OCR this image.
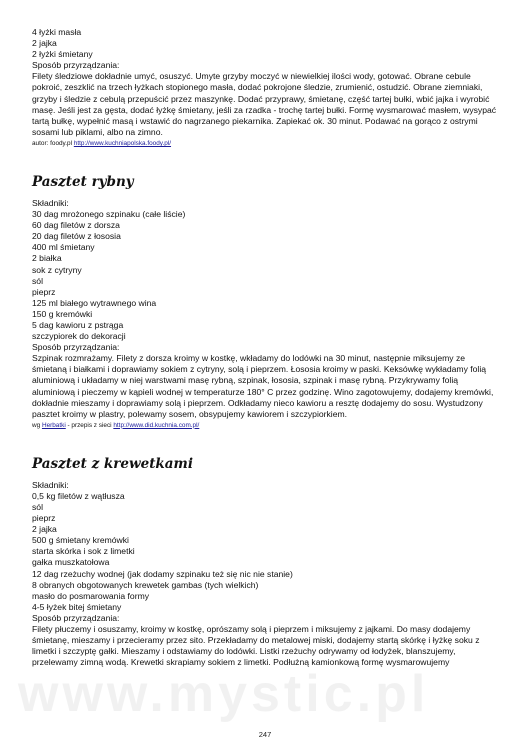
www.mystic.pl
4 łyżki masła
2 jajka
2 łyżki śmietany
Sposób przyrządzania:
Filety śledziowe dokładnie umyć, osuszyć. Umyte grzyby moczyć w niewielkiej ilości wody, gotować. Obrane cebule pokroić, zeszklić na trzech łyżkach stopionego masła, dodać pokrojone śledzie, zrumienić, ostudzić. Obrane ziemniaki, grzyby i śledzie z cebulą przepuścić przez maszynkę. Dodać przyprawy, śmietanę, część tartej bułki, wbić jajka i wyrobić masę. Jeśli jest za gęsta, dodać łyżkę śmietany, jeśli za rzadka - trochę tartej bułki. Formę wysmarować masłem, wysypać tartą bułkę, wypełnić masą i wstawić do nagrzanego piekarnika. Zapiekać ok. 30 minut. Podawać na gorąco z ostrymi sosami lub piklami, albo na zimno.
autor: foody.pl http://www.kuchniapolska.foody.pl/
Pasztet rybny
Składniki:
30 dag mrożonego szpinaku (całe liście)
60 dag filetów z dorsza
20 dag filetów z łososia
400 ml śmietany
2 białka
sok z cytryny
sól
pieprz
125 ml białego wytrawnego wina
150 g kremówki
5 dag kawioru z pstrąga
szczypiorek do dekoracji
Sposób przyrządzania:
Szpinak rozmrażamy. Filety z dorsza kroimy w kostkę, wkładamy do lodówki na 30 minut, następnie miksujemy ze śmietaną i białkami i doprawiamy sokiem z cytryny, solą i pieprzem. Łososia kroimy w paski. Keksówkę wykładamy folią aluminiową i układamy w niej warstwami masę rybną, szpinak, łososia, szpinak i masę rybną. Przykrywamy folią aluminiową i pieczemy w kąpieli wodnej w temperaturze 180° C przez godzinę. Wino zagotowujemy, dodajemy kremówki, dokładnie mieszamy i doprawiamy solą i pieprzem. Odkładamy nieco kawioru a resztę dodajemy do sosu. Wystudzony pasztet kroimy w plastry, polewamy sosem, obsypujemy kawiorem i szczypiorkiem.
wg Herbatki - przepis z sieci http://www.did.kuchnia.com.pl/
Pasztet z krewetkami
Składniki:
0,5 kg filetów z wątłusza
sól
pieprz
2 jajka
500 g śmietany kremówki
starta skórka i sok z limetki
gałka muszkatołowa
12 dag rzeżuchy wodnej (jak dodamy szpinaku też się nic nie stanie)
8 obranych obgotowanych krewetek gambas (tych wielkich)
masło do posmarowania formy
4-5 łyżek bitej śmietany
Sposób przyrządzania:
Filety płuczemy i osuszamy, kroimy w kostkę, oprószamy solą i pieprzem i miksujemy z jajkami. Do masy dodajemy śmietanę, mieszamy i przecieramy przez sito. Przekładamy do metalowej miski, dodajemy startą skórkę i łyżkę soku z limetki i szczyptę gałki. Mieszamy i odstawiamy do lodówki. Listki rzeżuchy odrywamy od łodyżek, blanszujemy, przelewamy zimną wodą. Krewetki skrapiamy sokiem z limetki. Podłużną kamionkową formę wysmarowujemy
247
